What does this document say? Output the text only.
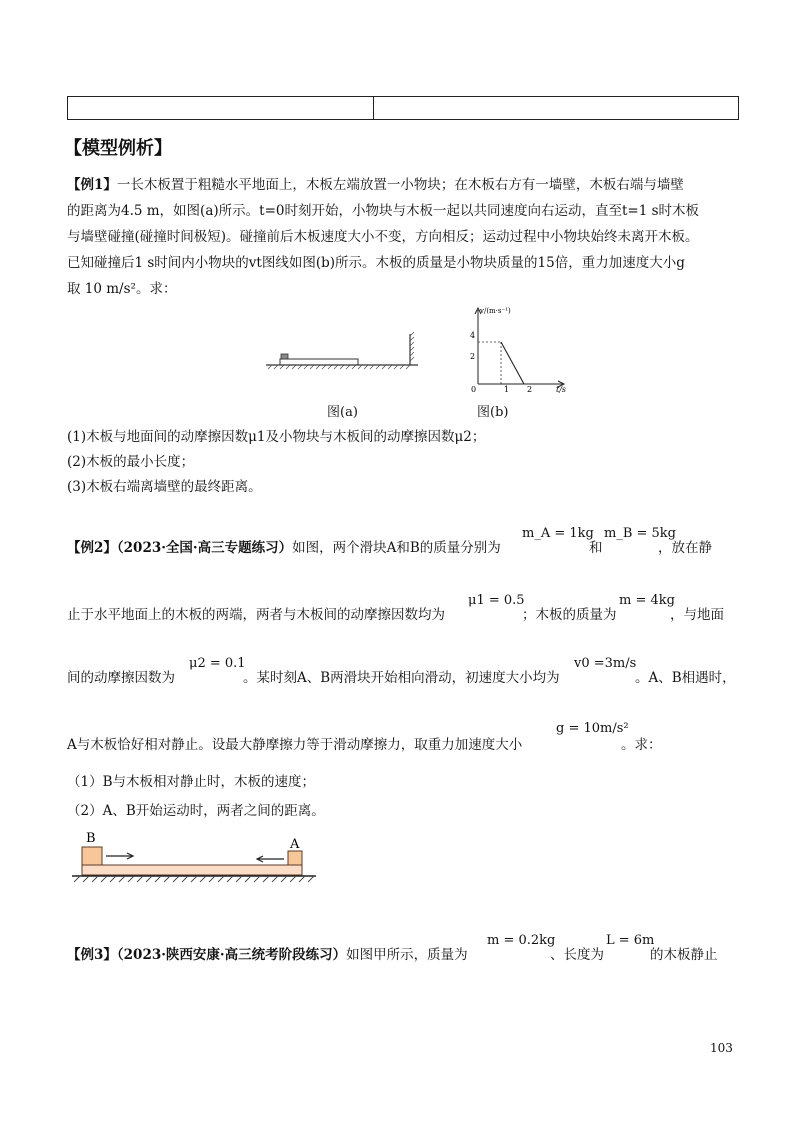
【模型例析】
【例1】一长木板置于粗糙水平地面上，木板左端放置一小物块；在木板右方有一墙壁，木板右端与墙壁
的距离为4.5 m，如图(a)所示。t=0时刻开始，小物块与木板一起以共同速度向右运动，直至t=1 s时木板
与墙壁碰撞(碰撞时间极短)。碰撞前后木板速度大小不变，方向相反；运动过程中小物块始终未离开木板。
已知碰撞后1 s时间内小物块的vt图线如图(b)所示。木板的质量是小物块质量的15倍，重力加速度大小g
取 10 m/s²。求：
图(a)
v/(m·s⁻¹)
t/s
4
2
0	1 2
图(b)
(1)木板与地面间的动摩擦因数μ1及小物块与木板间的动摩擦因数μ2；
(2)木板的最小长度；
(3)木板右端离墙壁的最终距离。
【例2】（2023·全国·高三专题练习）如图，两个滑块A和B的质量分别为
m_A = 1kg
和
m_B = 5kg
，放在静
止于水平地面上的木板的两端，两者与木板间的动摩擦因数均为
μ1 = 0.5
；木板的质量为
m = 4kg
，与地面
间的动摩擦因数为
μ2 = 0.1
。某时刻A、B两滑块开始相向滑动，初速度大小均为
v0 =3m/s
。A、B相遇时，
A与木板恰好相对静止。设最大静摩擦力等于滑动摩擦力，取重力加速度大小
g = 10m/s²
。求：
（1）B与木板相对静止时，木板的速度；
（2）A、B开始运动时，两者之间的距离。
B	A
【例3】（2023·陕西安康·高三统考阶段练习）如图甲所示，质量为
m = 0.2kg
、长度为
L = 6m
的木板静止
103
